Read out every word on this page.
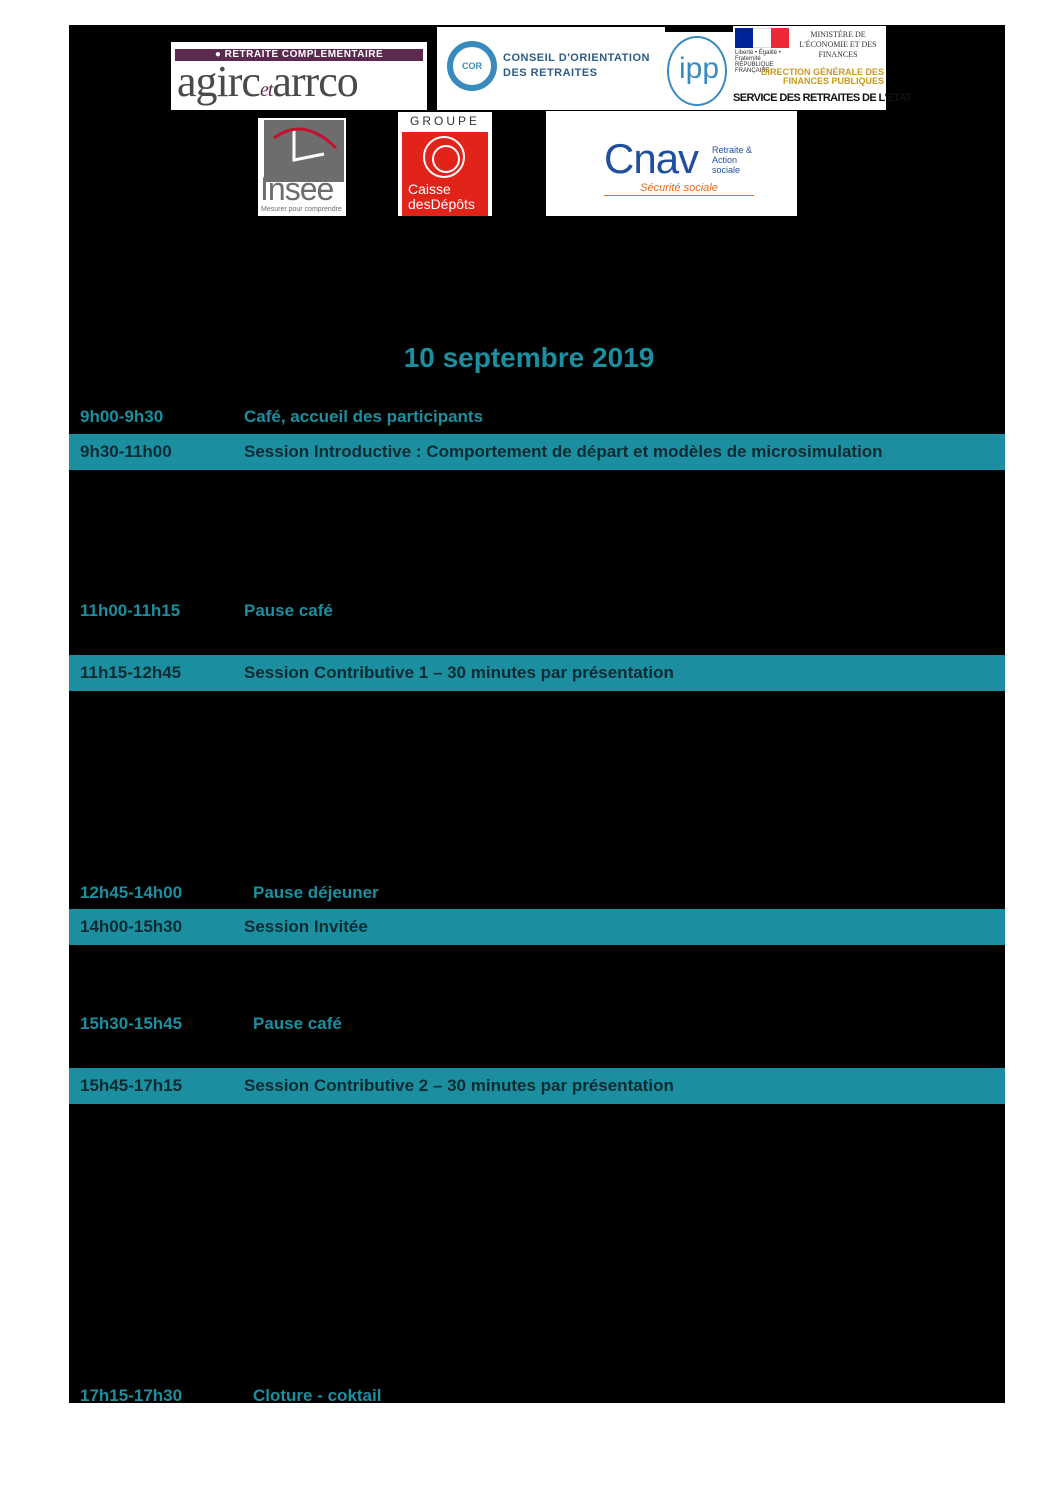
● RETRAITE COMPLEMENTAIRE
agircetarrco	COR
CONSEIL D'ORIENTATION
DES RETRAITES	ipp	Liberté • Égalité • Fraternité RÉPUBLIQUE FRANÇAISE
MINISTÈRE DE L'ÉCONOMIE ET DES FINANCES
DIRECTION GÉNÉRALE DES FINANCES PUBLIQUES
SERVICE DES RETRAITES DE L'ETAT
Insee
Mesurer pour comprendre
GROUPE
Caisse
desDépôts
Cnav Retraite & Action sociale
Sécurité sociale
10 septembre 2019
9h00-9h30	Café, accueil des participants
9h30-11h00	Session Introductive : Comportement de départ et modèles de microsimulation
11h00-11h15	Pause café
11h15-12h45	Session Contributive 1 – 30 minutes par présentation
12h45-14h00	Pause déjeuner
14h00-15h30	Session Invitée
15h30-15h45	Pause café
15h45-17h15	Session Contributive 2 – 30 minutes par présentation
17h15-17h30	Cloture - coktail
